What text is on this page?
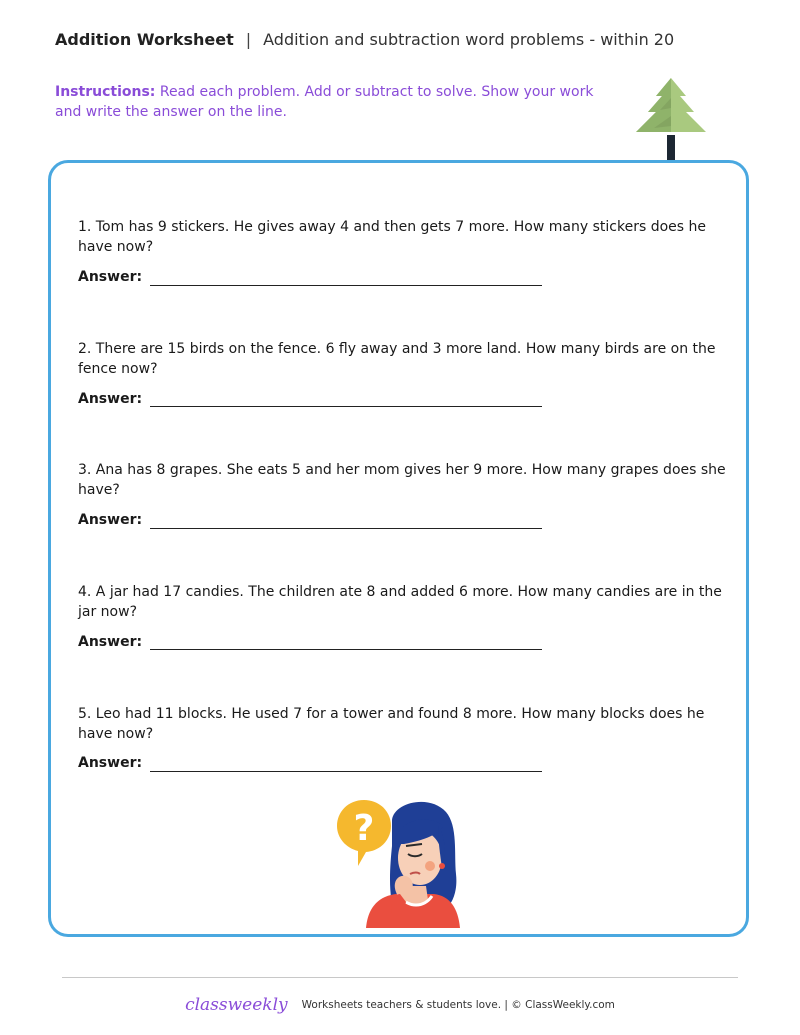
Addition Worksheet | Addition and subtraction word problems - within 20
Instructions: Read each problem. Add or subtract to solve. Show your work and write the answer on the line.
1. Tom has 9 stickers. He gives away 4 and then gets 7 more. How many stickers does he have now?
Answer:
2. There are 15 birds on the fence. 6 fly away and 3 more land. How many birds are on the fence now?
Answer:
3. Ana has 8 grapes. She eats 5 and her mom gives her 9 more. How many grapes does she have?
Answer:
4. A jar had 17 candies. The children ate 8 and added 6 more. How many candies are in the jar now?
Answer:
5. Leo had 11 blocks. He used 7 for a tower and found 8 more. How many blocks does he have now?
Answer:
?
classweekly Worksheets teachers & students love. | © ClassWeekly.com
